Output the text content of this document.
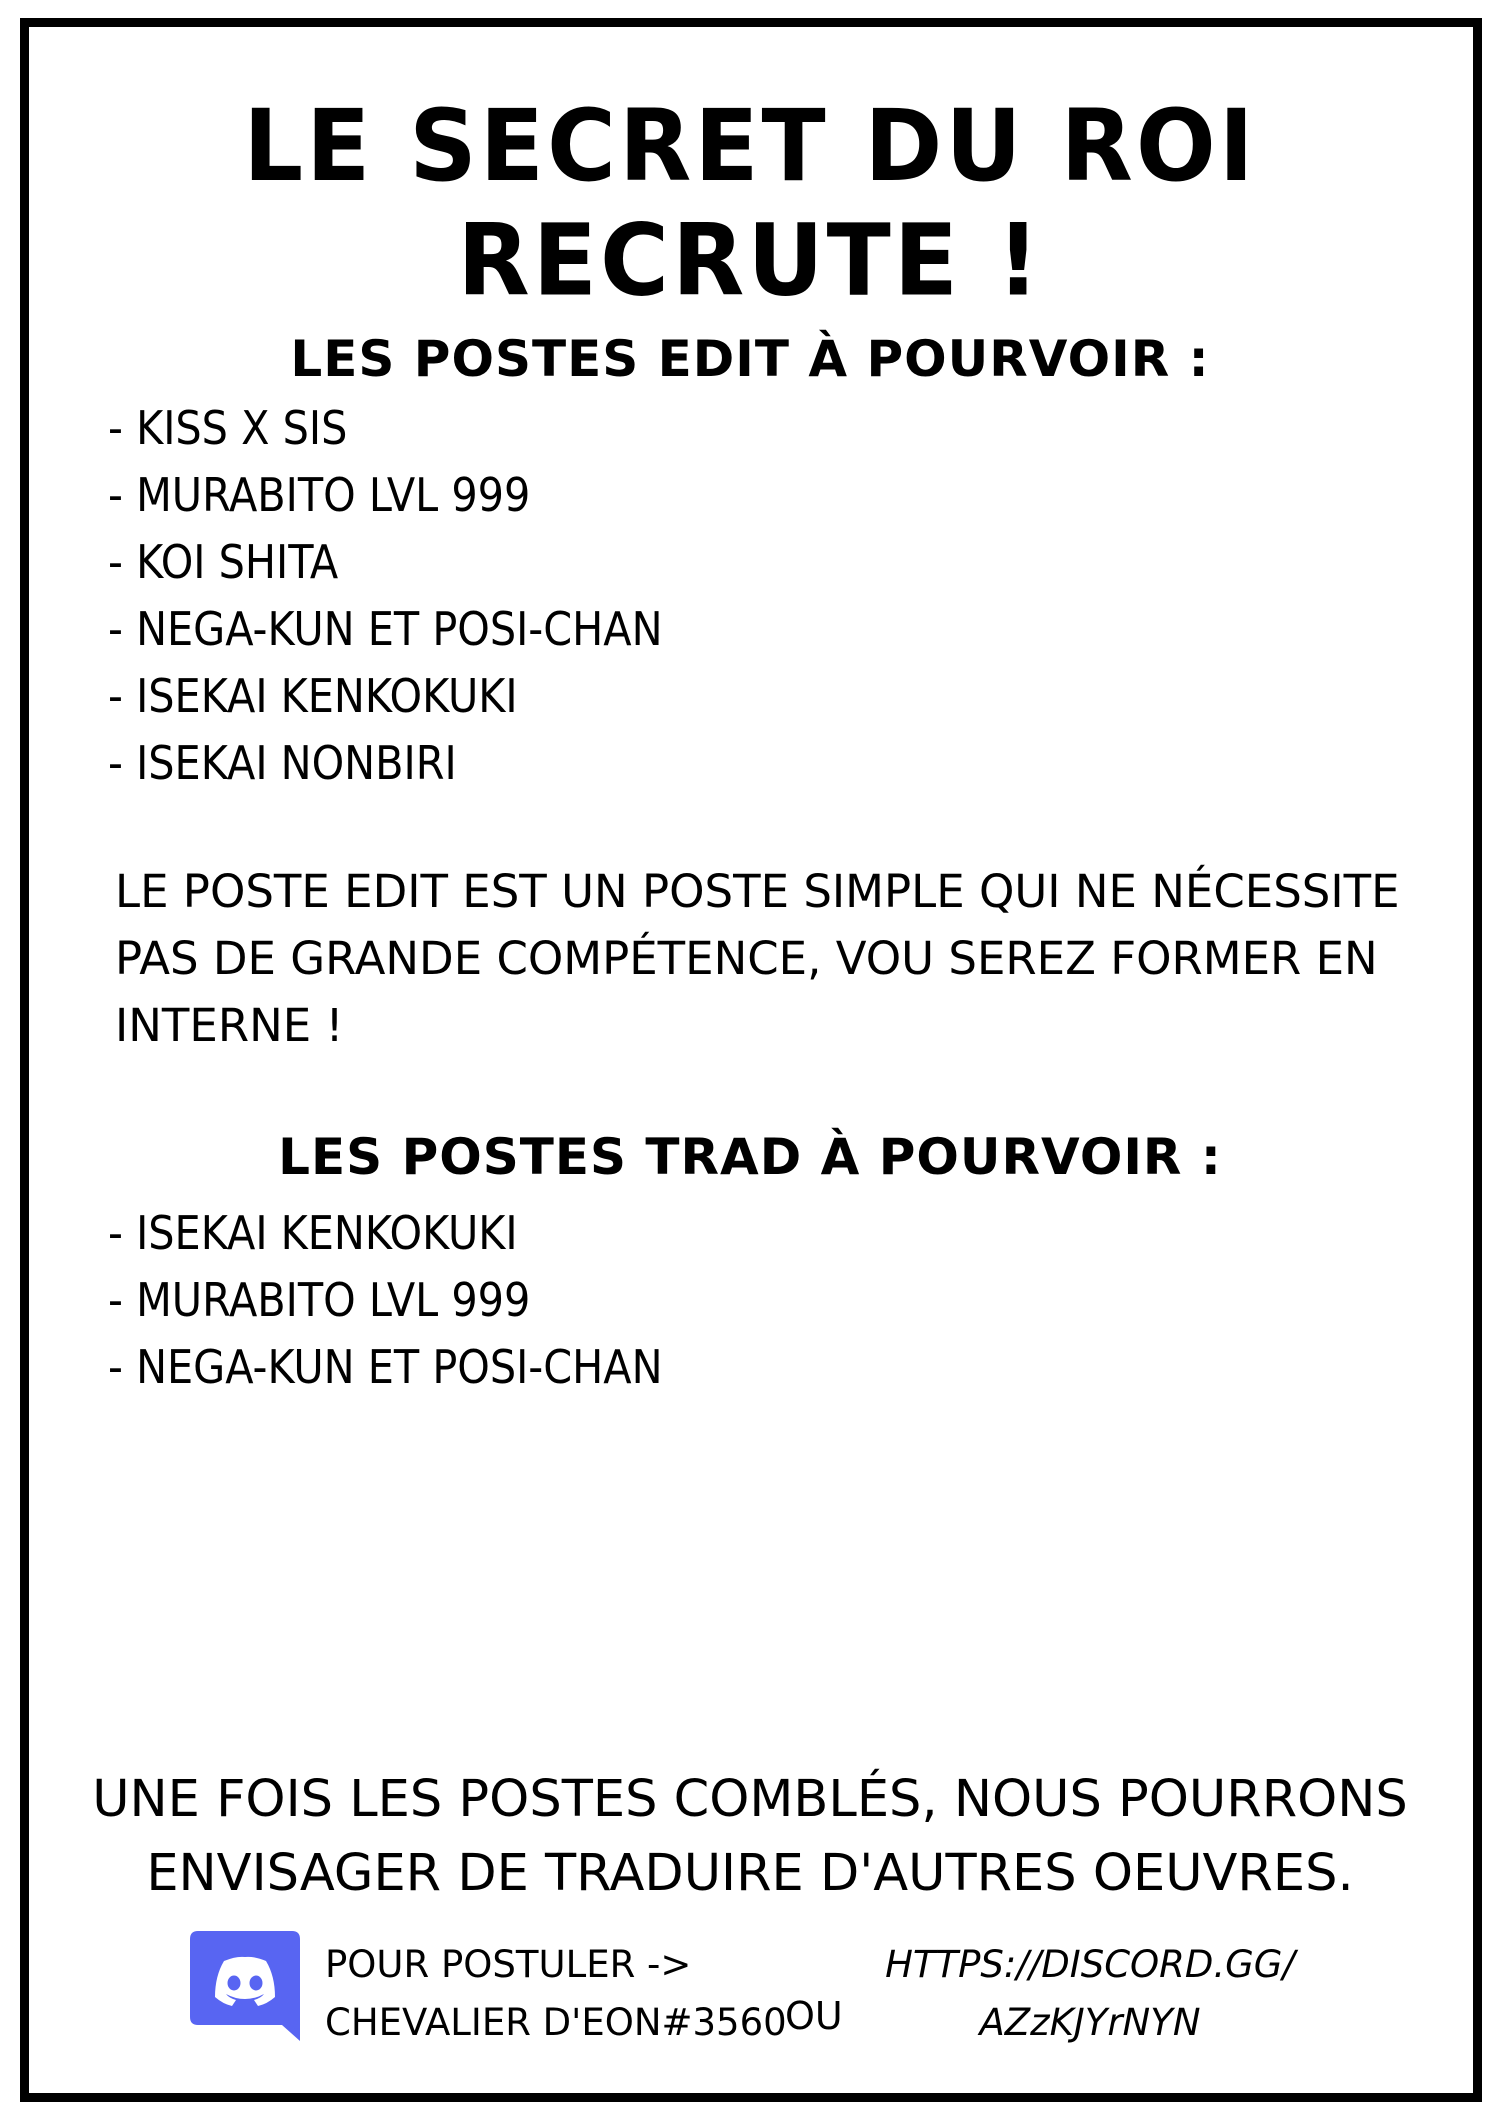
LE SECRET DU ROI RECRUTE !
LES POSTES EDIT À POURVOIR :
- KISS X SIS
- MURABITO LVL 999
- KOI SHITA
- NEGA-KUN ET POSI-CHAN
- ISEKAI KENKOKUKI
- ISEKAI NONBIRI
LE POSTE EDIT EST UN POSTE SIMPLE QUI NE NÉCESSITE
PAS DE GRANDE COMPÉTENCE, VOU SEREZ FORMER EN
INTERNE !
LES POSTES TRAD À POURVOIR :
- ISEKAI KENKOKUKI
- MURABITO LVL 999
- NEGA-KUN ET POSI-CHAN
UNE FOIS LES POSTES COMBLÉS, NOUS POURRONS
ENVISAGER DE TRADUIRE D'AUTRES OEUVRES.
POUR POSTULER ->
CHEVALIER D'EON#3560
OU
HTTPS://DISCORD.GG/
AZzKJYrNYN
